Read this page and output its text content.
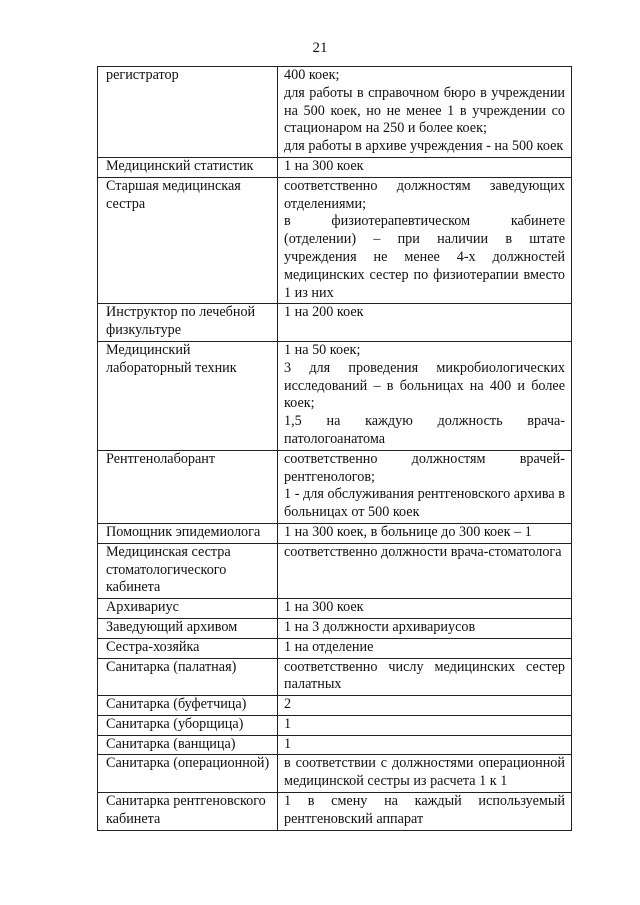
21
регистратор	400 коек;
для работы в справочном бюро в учреждении на 500 коек, но не менее 1 в учреждении со стационаром на 250 и более коек;
для работы в архиве учреждения - на 500 коек
Медицинский статистик	1 на 300 коек
Старшая медицинская сестра	соответственно должностям заведующих отделениями;
в физиотерапевтическом кабинете (отделении) – при наличии в штате учреждения не менее 4-х должностей медицинских сестер по физиотерапии вместо 1 из них
Инструктор по лечебной физкультуре	1 на 200 коек
Медицинский лабораторный техник	1 на 50 коек;
3 для проведения микробиологических исследований – в больницах на 400 и более коек;
1,5 на каждую должность врача-патологоанатома
Рентгенолаборант	соответственно должностям врачей-рентгенологов;
1 - для обслуживания рентгеновского архива в больницах от 500 коек
Помощник эпидемиолога	1 на 300 коек, в больнице до 300 коек – 1
Медицинская сестра стоматологического кабинета	соответственно должности врача-стоматолога
Архивариус	1 на 300 коек
Заведующий архивом	1 на 3 должности архивариусов
Сестра-хозяйка	1 на отделение
Санитарка (палатная)	соответственно числу медицинских сестер палатных
Санитарка (буфетчица)	2
Санитарка (уборщица)	1
Санитарка (ванщица)	1
Санитарка (операционной)	в соответствии с должностями операционной медицинской сестры из расчета 1 к 1
Санитарка рентгеновского кабинета	1 в смену на каждый используемый рентгеновский аппарат
